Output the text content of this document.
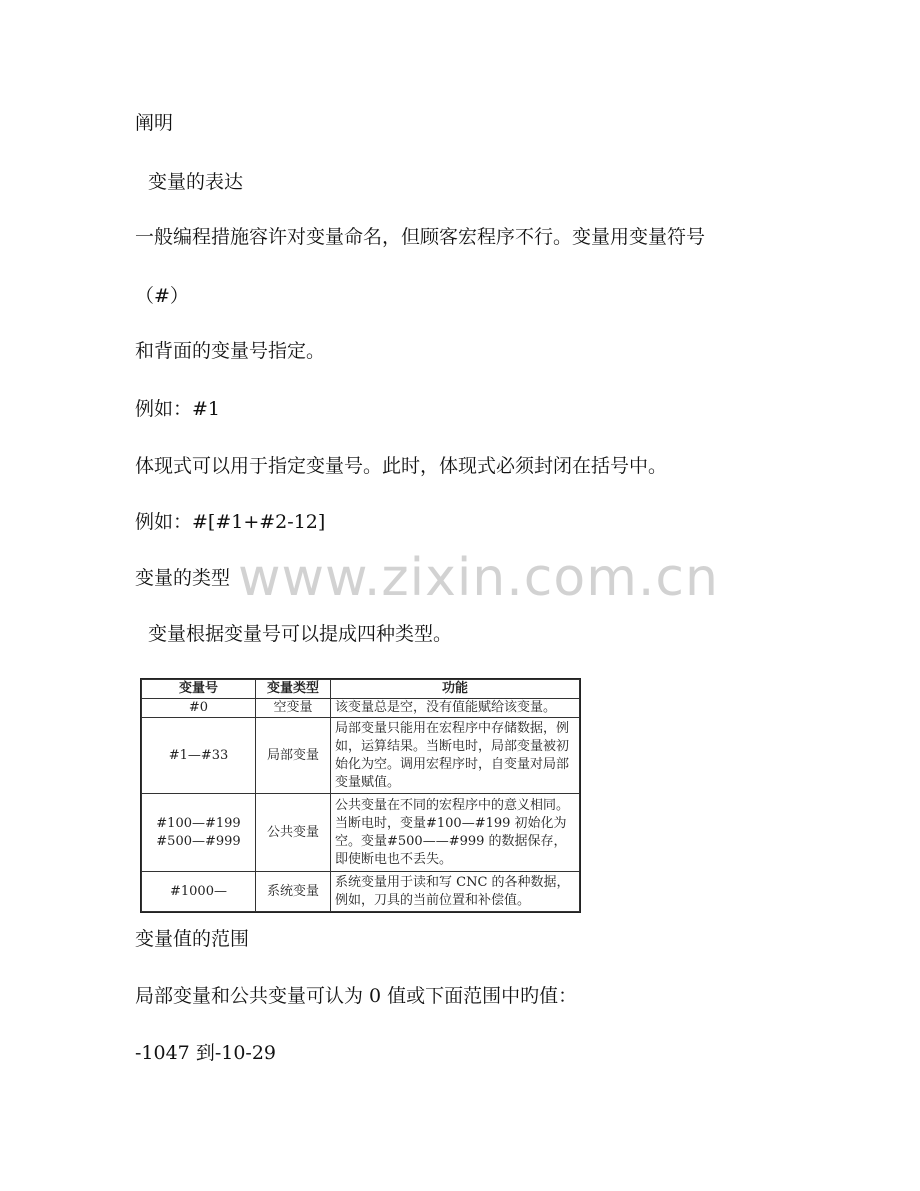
阐明
变量的表达
一般编程措施容许对变量命名，但顾客宏程序不行。变量用变量符号
（#）
和背面的变量号指定。
例如：#1
体现式可以用于指定变量号。此时，体现式必须封闭在括号中。
例如：#[#1+#2-12]
变量的类型
变量根据变量号可以提成四种类型。
www.zixin.com.cn
变量号	变量类型	功能

#0	空变量	该变量总是空，没有值能赋给该变量。

#1—#33	局部变量	局部变量只能用在宏程序中存储数据，例如，运算结果。当断电时，局部变量被初始化为空。调用宏程序时，自变量对局部变量赋值。

#100—#199
#500—#999	公共变量	公共变量在不同的宏程序中的意义相同。当断电时，变量#100—#199 初始化为空。变量#500——#999 的数据保存，即使断电也不丢失。

#1000—	系统变量	系统变量用于读和写 CNC 的各种数据，例如，刀具的当前位置和补偿值。
变量值的范围
局部变量和公共变量可认为 0 值或下面范围中旳值：
-1047 到-10-29
